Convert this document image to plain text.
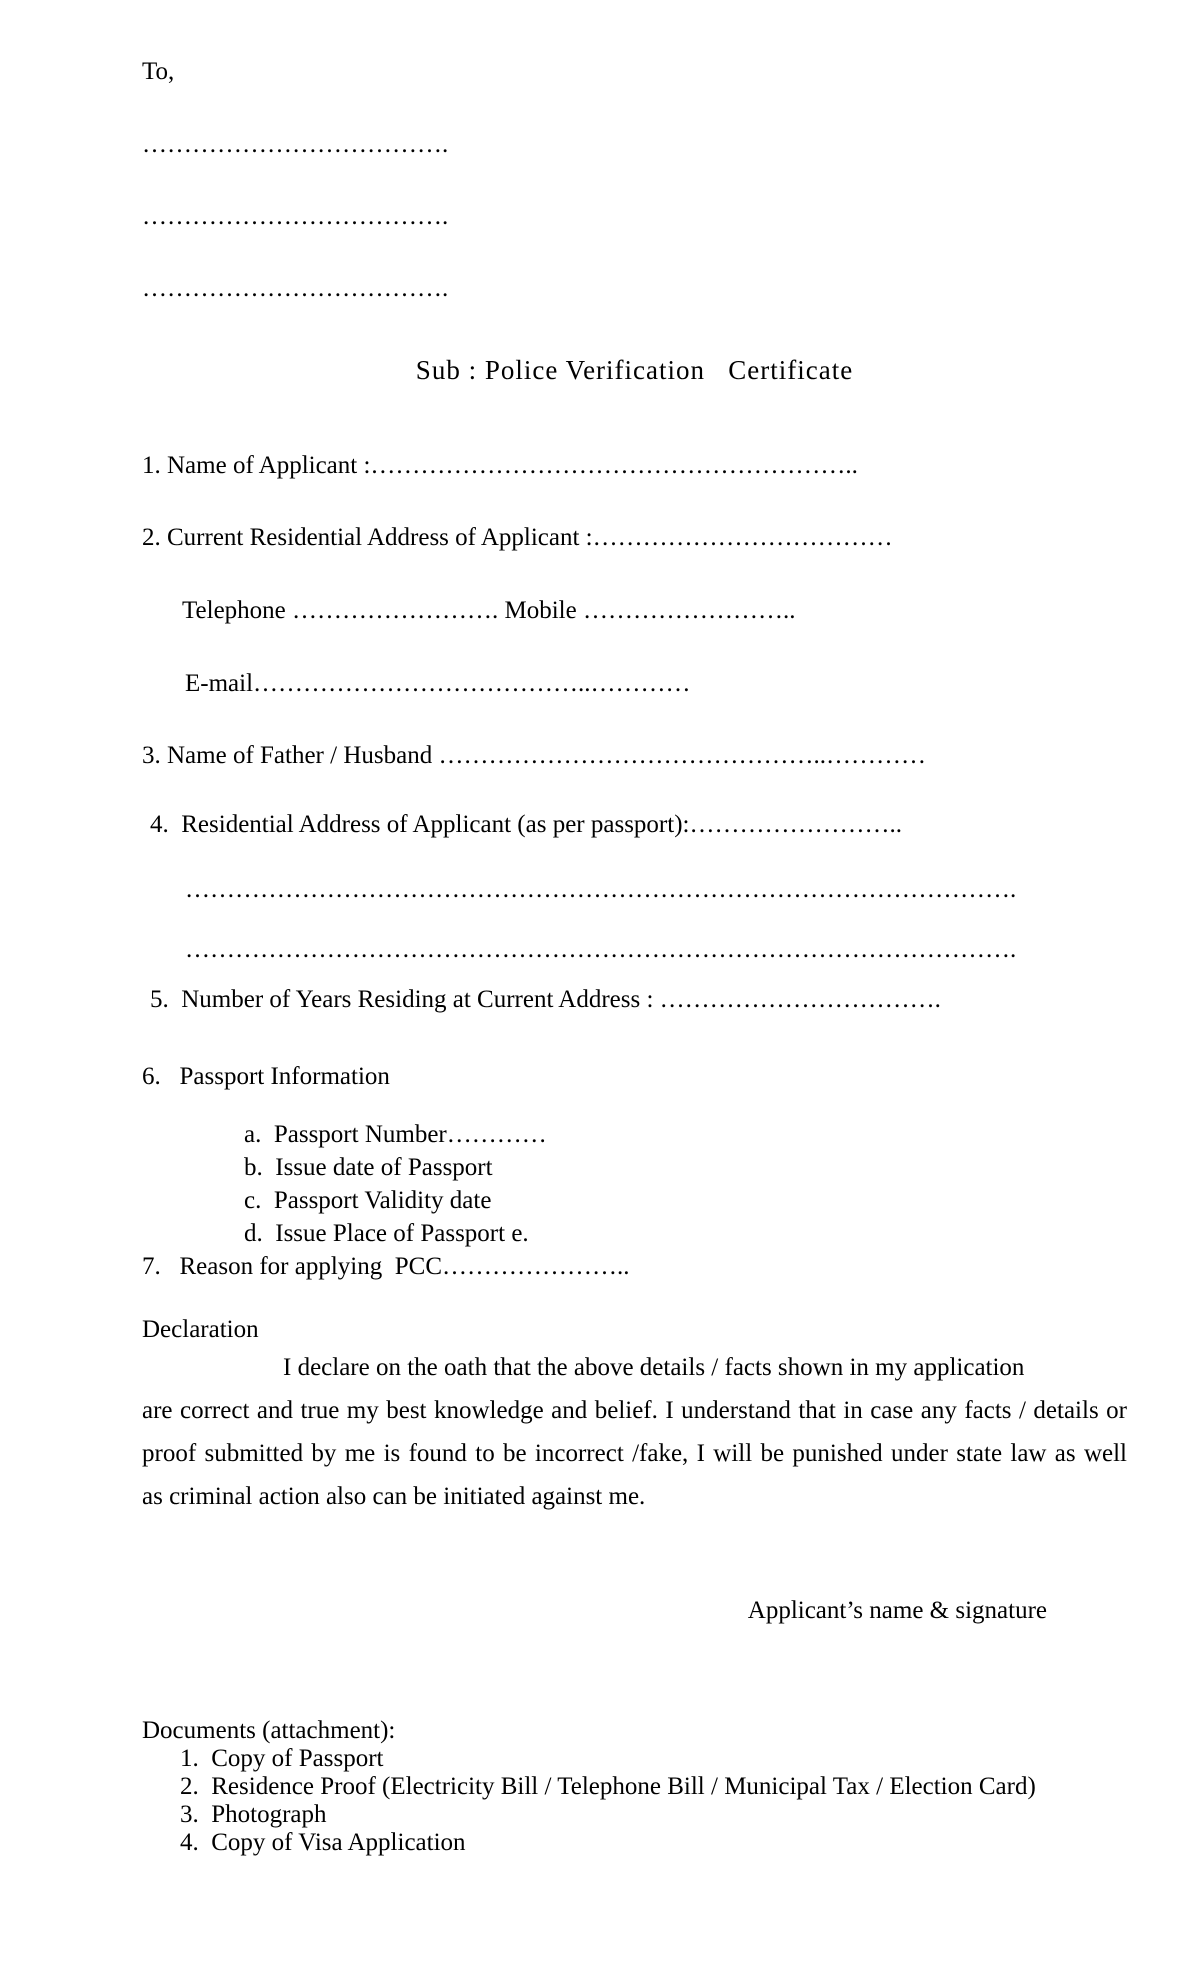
To,
……………………………….
……………………………….
……………………………….
Sub : Police Verification   Certificate
1. Name of Applicant :…………………………………………………..
2. Current Residential Address of Applicant :………………………………
Telephone ……………………. Mobile ……………………..
E-mail…………………………………..…………
3. Name of Father / Husband ………………………………………..…………
4.  Residential Address of Applicant (as per passport):……………………..
……………………………………………………………………………………….
……………………………………………………………………………………….
5.  Number of Years Residing at Current Address : …………………………….
6.   Passport Information
a.  Passport Number…………
b.  Issue date of Passport
c.  Passport Validity date
d.  Issue Place of Passport e.
7.   Reason for applying  PCC…………………..
Declaration
I declare on the oath that the above details / facts shown in my application
are correct and true my best knowledge and belief. I understand that in case any facts / details or
proof submitted by me is found to be incorrect /fake, I will be punished under state law as well
as criminal action also can be initiated against me.
Applicant’s name & signature
Documents (attachment):
1.  Copy of Passport
2.  Residence Proof (Electricity Bill / Telephone Bill / Municipal Tax / Election Card)
3.  Photograph
4.  Copy of Visa Application
